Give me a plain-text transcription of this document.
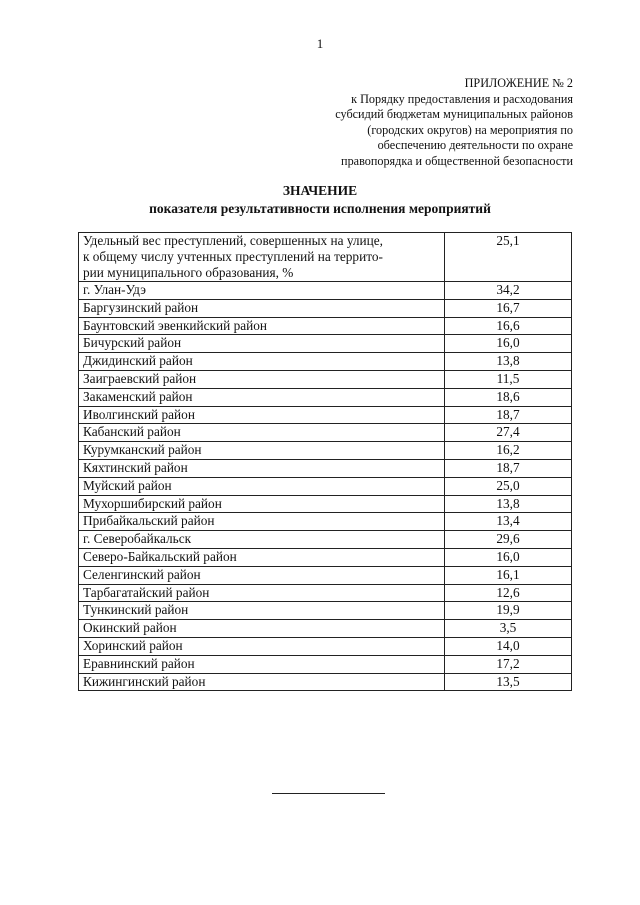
1
ПРИЛОЖЕНИЕ № 2
к Порядку предоставления и расходования
субсидий бюджетам муниципальных районов
(городских округов) на мероприятия по
обеспечению деятельности по охране
правопорядка и общественной безопасности
ЗНАЧЕНИЕ
показателя результативности исполнения мероприятий
Удельный вес преступлений, совершенных на улице,
к общему числу учтенных преступлений на террито-
рии муниципального образования, %	25,1
г. Улан-Удэ	34,2
Баргузинский район	16,7
Баунтовский эвенкийский район	16,6
Бичурский район	16,0
Джидинский район	13,8
Заиграевский район	11,5
Закаменский район	18,6
Иволгинский район	18,7
Кабанский район	27,4
Курумканский район	16,2
Кяхтинский район	18,7
Муйский район	25,0
Мухоршибирский район	13,8
Прибайкальский район	13,4
г. Северобайкальск	29,6
Северо-Байкальский район	16,0
Селенгинский район	16,1
Тарбагатайский район	12,6
Тункинский район	19,9
Окинский район	3,5
Хоринский район	14,0
Еравнинский район	17,2
Кижингинский район	13,5
